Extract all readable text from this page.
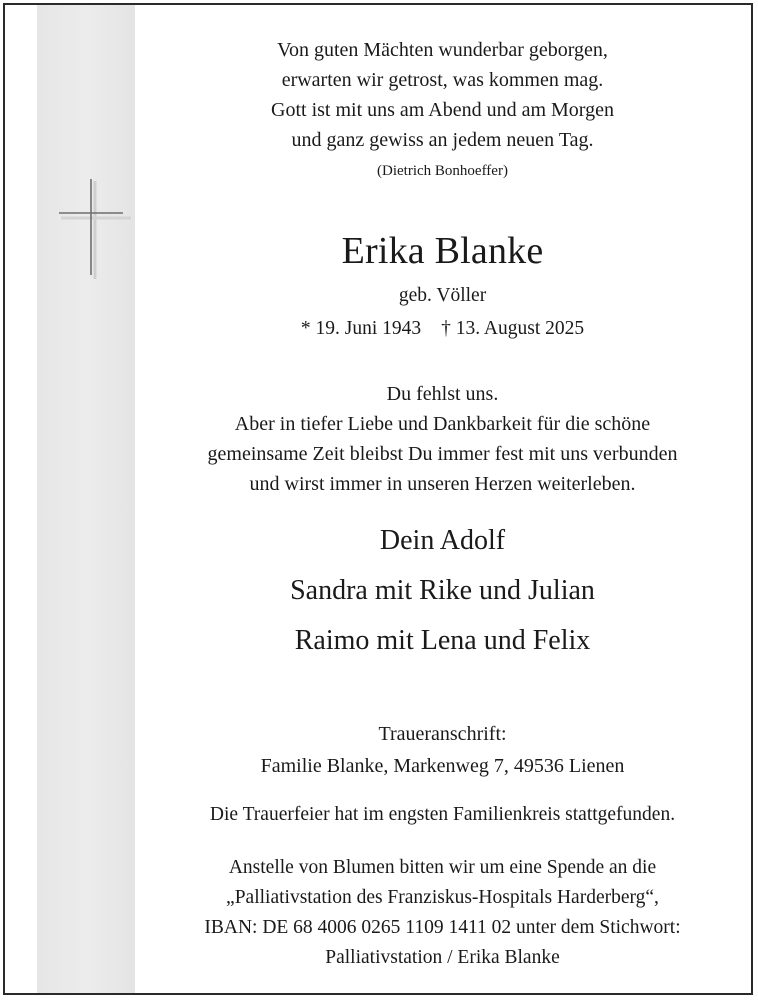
Von guten Mächten wunderbar geborgen,
erwarten wir getrost, was kommen mag.
Gott ist mit uns am Abend und am Morgen
und ganz gewiss an jedem neuen Tag.
(Dietrich Bonhoeffer)
Erika Blanke
geb. Völler
* 19. Juni 1943 † 13. August 2025
Du fehlst uns.
Aber in tiefer Liebe und Dankbarkeit für die schöne
gemeinsame Zeit bleibst Du immer fest mit uns verbunden
und wirst immer in unseren Herzen weiterleben.
Dein Adolf
Sandra mit Rike und Julian
Raimo mit Lena und Felix
Traueranschrift:
Familie Blanke, Markenweg 7, 49536 Lienen
Die Trauerfeier hat im engsten Familienkreis stattgefunden.
Anstelle von Blumen bitten wir um eine Spende an die
„Palliativstation des Franziskus-Hospitals Harderberg“,
IBAN: DE 68 4006 0265 1109 1411 02 unter dem Stichwort:
Palliativstation / Erika Blanke
